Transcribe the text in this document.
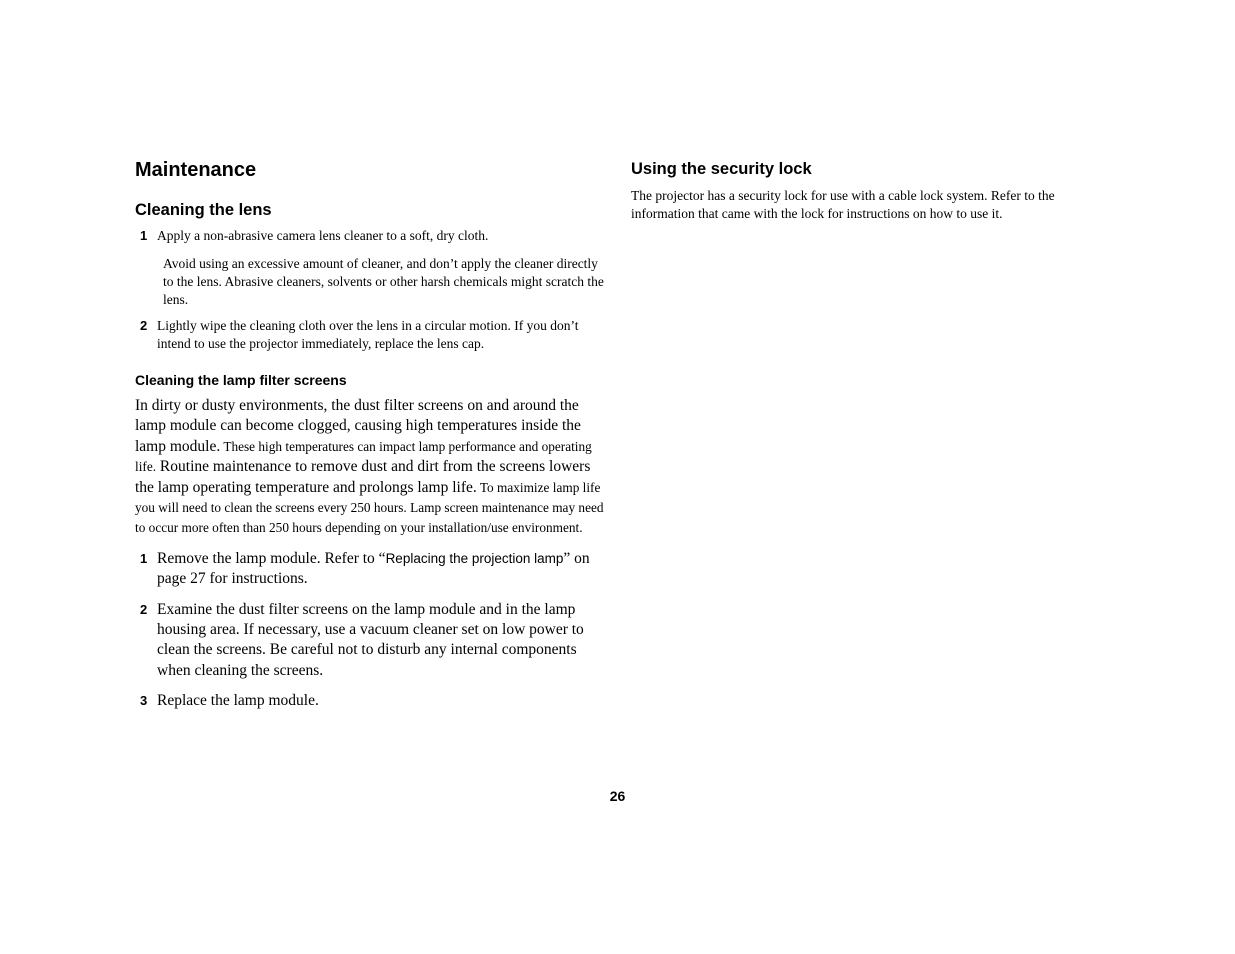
Maintenance
Cleaning the lens
1 Apply a non-abrasive camera lens cleaner to a soft, dry cloth.
Avoid using an excessive amount of cleaner, and don’t apply the cleaner directly to the lens. Abrasive cleaners, solvents or other harsh chemicals might scratch the lens.
2 Lightly wipe the cleaning cloth over the lens in a circular motion. If you don’t intend to use the projector immediately, replace the lens cap.
Cleaning the lamp filter screens
In dirty or dusty environments, the dust filter screens on and around the lamp module can become clogged, causing high temperatures inside the lamp module. These high temperatures can impact lamp performance and operating life. Routine maintenance to remove dust and dirt from the screens lowers the lamp operating temperature and prolongs lamp life. To maximize lamp life you will need to clean the screens every 250 hours. Lamp screen maintenance may need to occur more often than 250 hours depending on your installation/use environment.
1 Remove the lamp module. Refer to “Replacing the projection lamp” on page 27 for instructions.
2 Examine the dust filter screens on the lamp module and in the lamp housing area. If necessary, use a vacuum cleaner set on low power to clean the screens. Be careful not to disturb any internal components when cleaning the screens.
3 Replace the lamp module.
Using the security lock
The projector has a security lock for use with a cable lock system. Refer to the information that came with the lock for instructions on how to use it.
26
